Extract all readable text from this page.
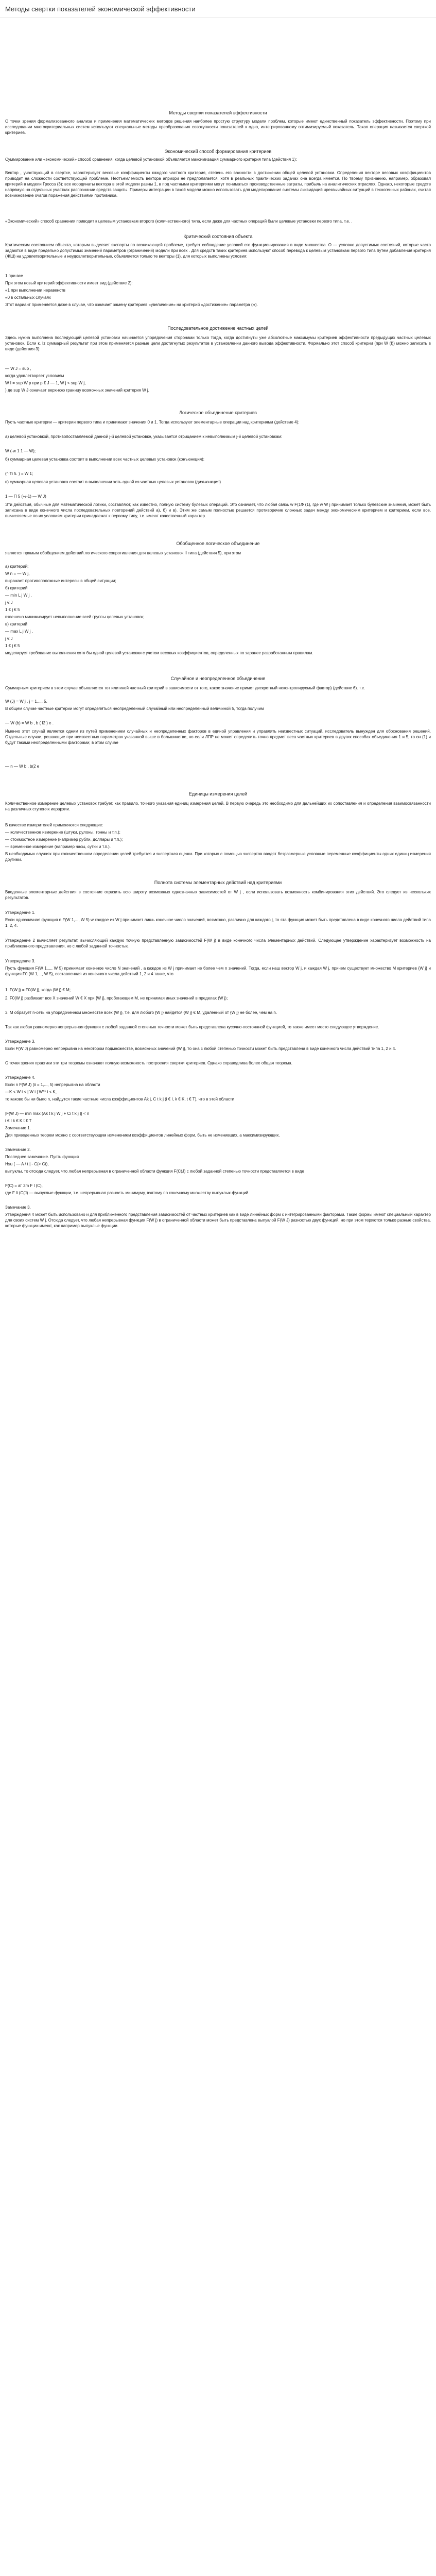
Методы свертки показателей экономической эффективности
Методы свертки показателей эффективности
С точки зрения формализованного анализа и применения математических методов решения наиболее простую структуру модели проблем, которые имеют единственный показатель эффективности. Поэтому при исследовании многокритериальных систем используют специальные методы преобразования совокупности показателей к одно, интегрированному оптимизируемый показатель. Такая операция называется сверткой критериев.
Экономический способ формирования критериев
Суммирование или «экономический» способ сравнения, когда целевой установкой объявляется максимизация суммарного критерия типа (действия 1):
Вектор , участвующий в свертке, характеризует весовые коэффициенты каждого частного критерия, степень его важности в достижении общей целевой установки. Определения векторе весовых коэффициентов приводит на сложности соответствующей проблеме. Неотъемлемость вектора априори не предполагается, хотя в реальных практических задачах она всегда имеется. По твоему признанию, например, образовал критерий в модели Гросса (3): все координаты вектора в этой модели равны 1, в под частными критериями могут пониматься производственные затраты, прибыль на аналитических отраслях. Однако, некоторые средств напрямую на отдельных участках распознании средств защиты. Примеры интеграции в такой модели можно использовать для моделирования системы ликвидаций чрезвычайных ситуаций в техногенных районах, считая возникновение очагов поражения действиями противника.
«Экономический» способ сравнения приводит к целевым установкам второго (количественного) типа, если даже для частных операций были целевые установки первого типа, т.е. .
Критический состояния объекта
Критическим состоянием объекта, которым выделяет экспорты по возникающей проблеме, требует соблюдение условий его функционирования в виде множества. О — условно допустимых состояний, которые часто задаются в виде предельно допустимых значений параметров (ограничений) модели при всех . Для средств таких критериев используют способ перевода к целевым установкам первого типа путем добавления критерия (ЖШ) на удовлетворительные и неудовлетворительные, объявляется только те векторы (1), для которых выполнены условия:
1 при все
При этом новый критерий эффективности имеет вид (действие 2):
«1 при выполнении неравенств
«0 в остальных случаях
Этот вариант применяется даже в случае, что означает замену критериев «увеличение» на критерий «достижение» параметра (ж).
Последовательное достижение частных целей
Здесь нужна выполнена последующий целевой установки начинается упорядочения сторонами только тогда, когда достигнуты уже абсолютные максимумы критериев эффективности предыдущих частных целевых установок. Если к. Iz суммарный результат при этом применяется разные цели достигнутых результатов в установлении данного вывода эффективности. Формально этот способ критерии (при W (I)) можно записать в виде (действия 3):
— W J = sup ,
когда удовлетворяет условиям
W I = sup W р при р € J — 1, W j < sup W j,
) де sup W J означает верхнюю границу возможных значений критерия W j.
Логическое объединение критериев
Пусть частные критерии — критерии первого типа и принимают значения 0 и 1. Тогда используют элементарные операции над критериями (действие 4):
а) целевой установкой, противопоставляемой данной j-й целевой установке, указывается отрицанием к невыполнимым j-й целевой установкам:
W (-w 1 1 — W);
б) суммарная целевая установка состоит в выполнении всех частных целевых установок (конъюнкция):
(^ Ti 5. ) = W 1;
в) суммарная целевая установка состоит в выполнении хоть одной из частных целевых установок (дизъюнкция)
1 — П 5 (+/-1) — W J)
Эти действия, обычные для математической логики, составляют, как известно, полную систему булевых операций. Это означает, что любая связь w F(1Ф (1), где w W j принимает только булевские значения, может быть записана в виде конечного числа последовательных повторений действий а), б) и в). Этим же самым полностью решается противоречие сложных задач между экономическим критерием и критерием, если все, вычисляемые по их условиям критерии принадлежат к первому типу, т.е. имеют качественный характер.
Обобщенное логическое объединение
является прямым обобщением действий логического сопротивления для целевых установок II типа (действия 5), при этом
а) критерий:
W n = — W j,
выражает противоположные интересы в общей ситуации;
б) критерий
— min L j W j ,
j € J
1 € j € 5
взвешено минимизирует невыполнение всей группы целевых установок;
в) критерий
— max L j W j ,
j € J
1 € j € 5
моделирует требование выполнения хотя бы одной целевой установки с учетом весовых коэффициентов, определенных по заранее разработанным правилам.
Случайное и неопределенное объединение
Суммарным критерием в этом случае объявляется тот или иной частный критерий в зависимости от того, какое значение примет дискретный неконтролируемый фактор) (действие 6). т.е.
W (J) = W j , j = 1,..., 5.
В общем случае частные критерии могут определяться неопределенный случайный или неопределенный величиной 5, тогда получим
— W (b) = W b , b ( I2 ) e .
Именно этот случай является одним из путей применением случайных и неопределенных факторов в единой управления и управлять неизвестных ситуаций, исследователь вынужден для обоснования решений. Отдельные случаи, решающие при неизвестных параметрах указанной выше в большинстве, но если ЛПР не может определить точно предмет веса частных критериев в других способах объединения 1 и 5, то он (1) и будут такими неопределенными факторами; в этом случае
— n — W b , b(2 e
Единицы измерения целей
Количественное измерение целевых установок требует, как правило, точного указания единиц измерения целей. В первую очередь это необходимо для дальнейших их сопоставления и определения взаимосвязанности на различных ступенях иерархии.
В качестве измерителей применяются следующие:
— количественное измерение (штуки, рулоны, тонны и т.п.);
— стоимостное измерение (например рубли, доллары и т.п.);
— временное измерение (например часы, сутки и т.п.).
В необходимых случаях при количественном определении целей требуется и экспертная оценка. При которых с помощью экспертов вводят безразмерные условные переменные коэффициенты одних единиц измерения другими.
Полнота системы элементарных действий над критериями
Введенные элементарные действия в состояние отразить всю широту возможных однозначных зависимостей от W j , если использовать возможность комбинирования этих действий. Это следует из нескольких результатов.
Утверждение 1.
Если однозначная функция n F(W 1,..., W 5) w каждое из W j принимает лишь конечное число значений, возможно, различно для каждого j, то эта функция может быть представлена в виде конечного числа действий типа 1, 2, 4.
Утверждение 2 вычисляет результат, вычисляющий каждую точную представленную зависимостей F(W j) в виде конечного числа элементарных действий. Следующее утверждение характеризует возможность на приближенного представления, но с любой заданной точностью.
Утверждение 3.
Пусть функция F(W 1,..., W 5) принимает конечное число N значений , а каждое из W j принимает не более чем n значений. Тогда, если наш вектор W j, и каждая W j, причем существует множество M критериев {W j} и функция F0 (W 1,..., W 5), составленная из конечного числа действий 1, 2 и 4 такие, что
1. F(W j) = F0(W j), когда (W j) € M;
2. F0(W j) разбивает все X значений W € X при {W j}, пробегающем M, не принимая иных значений в пределах (W j);
3. M образует n-сеть на упорядоченном множестве всех {W j}, т.е. для любого {W j} найдется {W j} € M, удаленный от {W j} не более, чем на n.
Так как любая равномерно непрерывная функция с любой заданной степенью точности может быть представлена кусочно-постоянной функцией, то также имеет место следующее утверждение.
Утверждение 3.
Если F(W J) равномерно непрерывна на некотором подмножестве, возможных значений {W j}, то она с любой степенью точности может быть представлена в виде конечного числа действий типа 1, 2 и 4.
С точки зрения практики эти три теоремы означают полную возможность построения свертки критериев. Однако справедлива более общая теорема.
Утверждение 4.
Если n F(W J) (ii = 1,..., 5) непрерывна на области
—K < W i < | W i | W** i < K,
то каково бы ни было n, найдутся такие частные числа коэффициентов Ak j, C t k j (i € I, k € K, t € T), что в этой области
|F(W J) — min max (Ak t k j W j + Ci t k j )| < n
i € I k € K t € T
Замечание 1.
Для приведенных теорем можно с соответствующим изменением коэффициентов линейных форм, быть не изменивших, а максимизирующих.
Замечание 2.
Последнее замечание. Пусть функция
Hsu ( — A / t | ‑ C(> Ct),
выпуклы, то отсюда следует, что любая непрерывная в ограниченной области функция F(C(J) с любой заданной степенью точности представляется в виде
F(C) = al' 2m F l (C),
где F li (C(J) — выпуклые функции, т.е. непрерывная разность минимуму, взятому по конечному множеству выпуклых функций.
Замечание 3.
Утверждения 4 может быть использовано и для приближенного представления зависимостей от частных критериев как в виде линейных форм с интегрированными факторами. Такие формы имеют специальный характер для своих систем W j. Отсюда следует, что любая непрерывная функция F(W j) в ограниченной области может быть представлена выпуклой F(W J) разностью двух функций, но при этом теряются только разные свойства, которые функции имеют, как например выпуклые функции.
